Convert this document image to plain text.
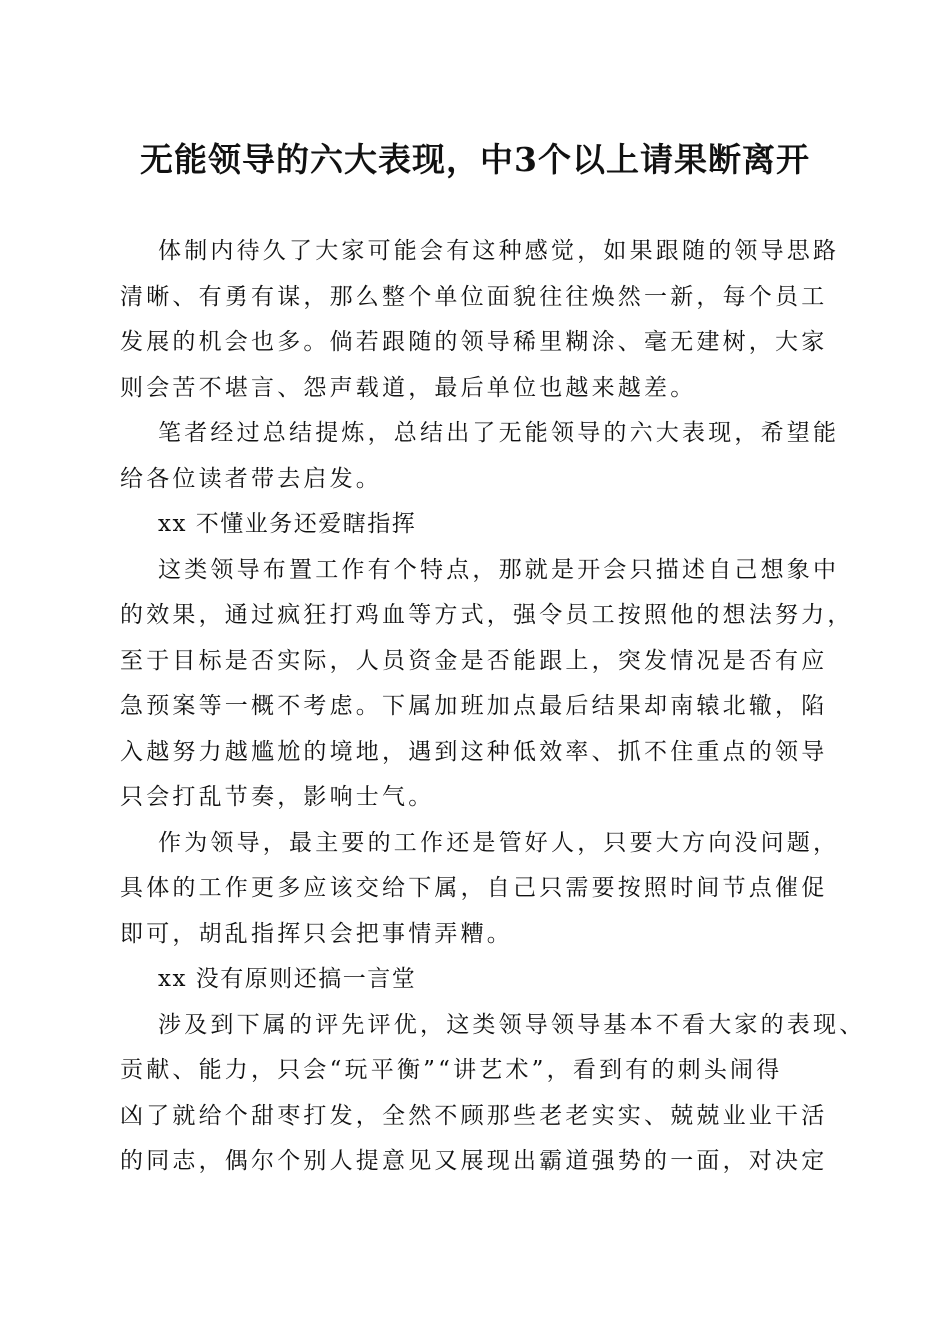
无能领导的六大表现，中3个以上请果断离开
体制内待久了大家可能会有这种感觉，如果跟随的领导思路
清晰、有勇有谋，那么整个单位面貌往往焕然一新，每个员工
发展的机会也多。倘若跟随的领导稀里糊涂、毫无建树，大家
则会苦不堪言、怨声载道，最后单位也越来越差。
笔者经过总结提炼，总结出了无能领导的六大表现，希望能
给各位读者带去启发。
xx 不懂业务还爱瞎指挥
这类领导布置工作有个特点，那就是开会只描述自己想象中
的效果，通过疯狂打鸡血等方式，强令员工按照他的想法努力，
至于目标是否实际，人员资金是否能跟上，突发情况是否有应
急预案等一概不考虑。下属加班加点最后结果却南辕北辙，陷
入越努力越尴尬的境地，遇到这种低效率、抓不住重点的领导
只会打乱节奏，影响士气。
作为领导，最主要的工作还是管好人，只要大方向没问题，
具体的工作更多应该交给下属，自己只需要按照时间节点催促
即可，胡乱指挥只会把事情弄糟。
xx 没有原则还搞一言堂
涉及到下属的评先评优，这类领导领导基本不看大家的表现、
贡献、能力，只会“玩平衡”“讲艺术”，看到有的刺头闹得
凶了就给个甜枣打发，全然不顾那些老老实实、兢兢业业干活
的同志，偶尔个别人提意见又展现出霸道强势的一面，对决定
